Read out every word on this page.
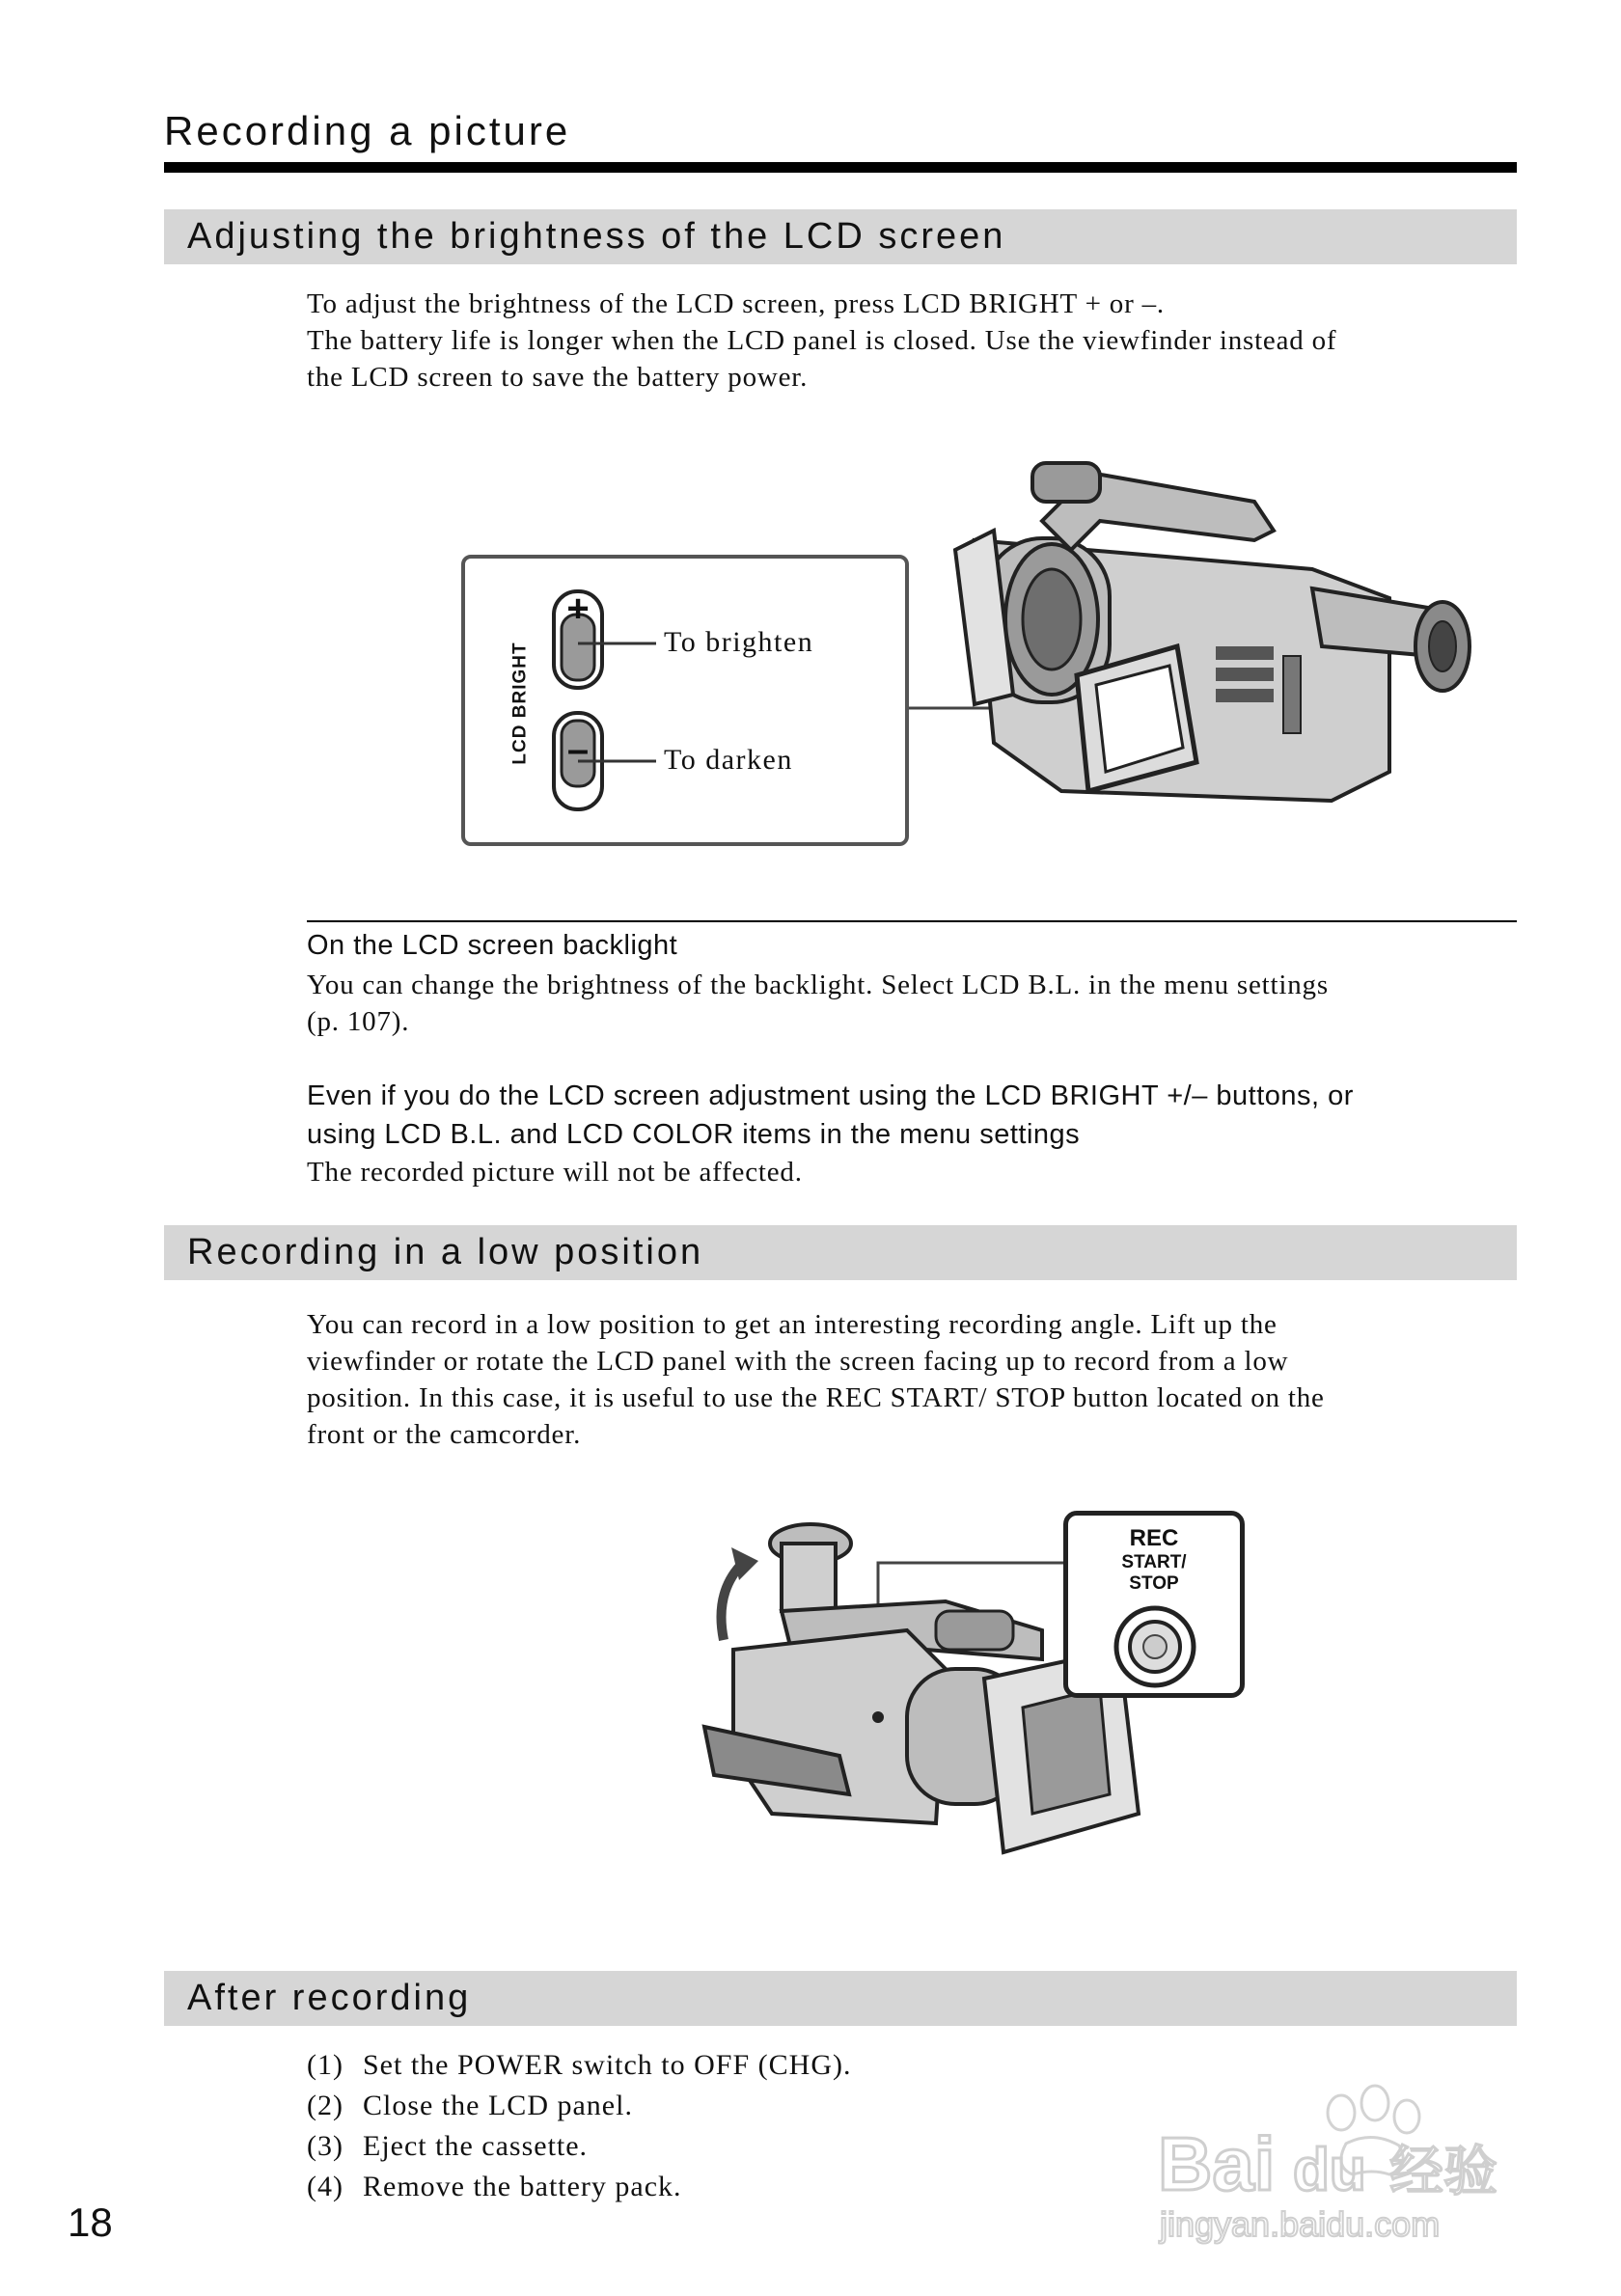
Recording a picture
Adjusting the brightness of the LCD screen

To adjust the brightness of the LCD screen, press LCD BRIGHT + or –.

The battery life is longer when the LCD panel is closed. Use the viewfinder instead of

the LCD screen to save the battery power.

LCD BRIGHT
+
–
To brighten
To darken
On the LCD screen backlight

You can change the brightness of the backlight. Select LCD B.L. in the menu settings

(p. 107).

Even if you do the LCD screen adjustment using the LCD BRIGHT +/– buttons, or
using LCD B.L. and LCD COLOR items in the menu settings
The recorded picture will not be affected.
Recording in a low position

You can record in a low position to get an interesting recording angle. Lift up the

viewfinder or rotate the LCD panel with the screen facing up to record from a low

position. In this case, it is useful to use the REC START/ STOP button located on the

front or the camcorder.

REC
START/
STOP
After recording
(1) Set the POWER switch to OFF (CHG).
(2) Close the LCD panel.
(3) Eject the cassette.
(4) Remove the battery pack.
18
Bai du 经验
jingyan.baidu.com
